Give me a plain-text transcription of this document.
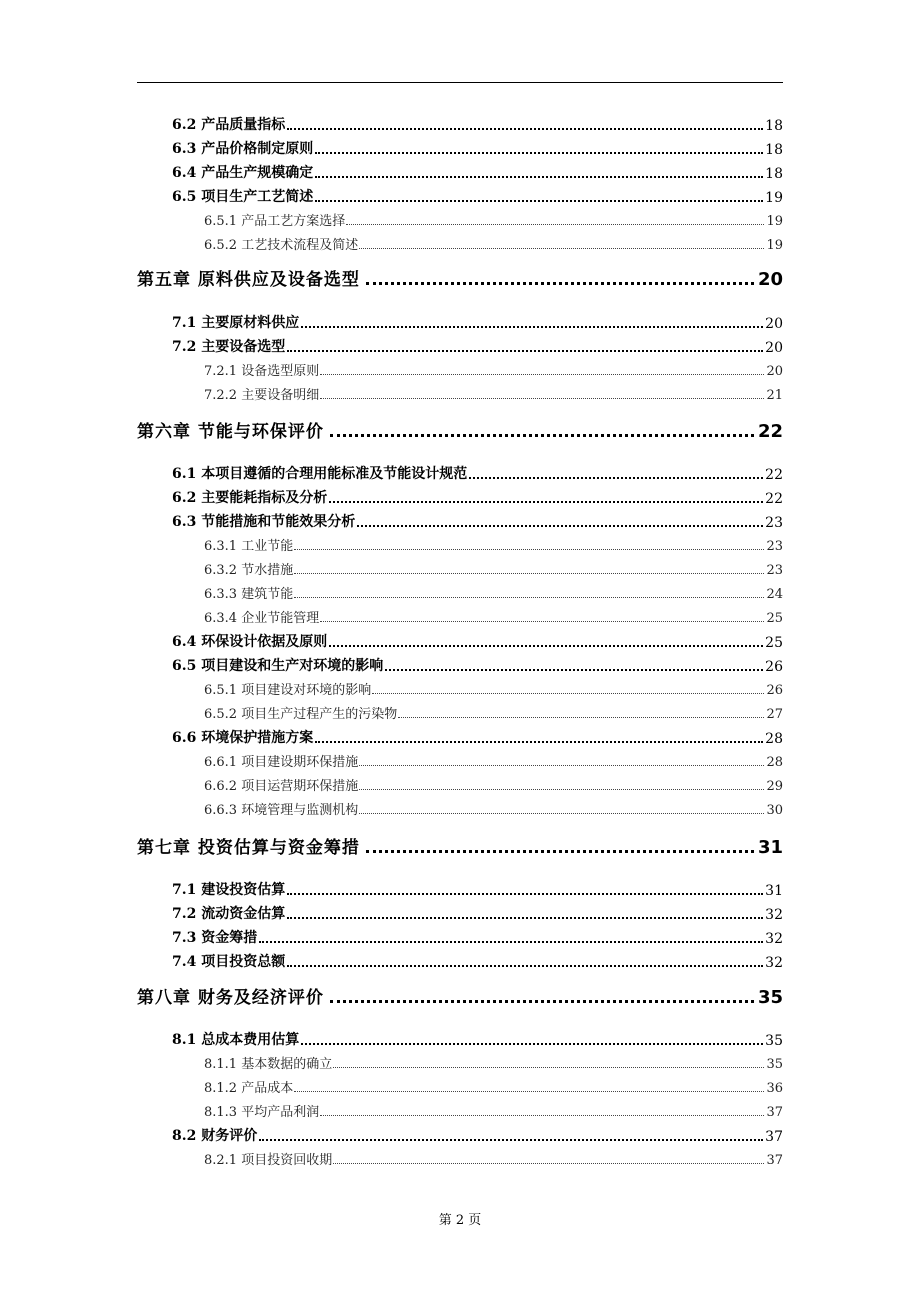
6.2 产品质量指标	18
6.3 产品价格制定原则	18
6.4 产品生产规模确定	18
6.5 项目生产工艺简述	19
6.5.1 产品工艺方案选择	19
6.5.2 工艺技术流程及简述	19
第五章 原料供应及设备选型	20
7.1 主要原材料供应	20
7.2 主要设备选型	20
7.2.1 设备选型原则	20
7.2.2 主要设备明细	21
第六章 节能与环保评价	22
6.1 本项目遵循的合理用能标准及节能设计规范	22
6.2 主要能耗指标及分析	22
6.3 节能措施和节能效果分析	23
6.3.1 工业节能	23
6.3.2 节水措施	23
6.3.3 建筑节能	24
6.3.4 企业节能管理	25
6.4 环保设计依据及原则	25
6.5 项目建设和生产对环境的影响	26
6.5.1 项目建设对环境的影响	26
6.5.2 项目生产过程产生的污染物	27
6.6 环境保护措施方案	28
6.6.1 项目建设期环保措施	28
6.6.2 项目运营期环保措施	29
6.6.3 环境管理与监测机构	30
第七章 投资估算与资金筹措	31
7.1 建设投资估算	31
7.2 流动资金估算	32
7.3 资金筹措	32
7.4 项目投资总额	32
第八章 财务及经济评价	35
8.1 总成本费用估算	35
8.1.1 基本数据的确立	35
8.1.2 产品成本	36
8.1.3 平均产品利润	37
8.2 财务评价	37
8.2.1 项目投资回收期	37
第 2 页
